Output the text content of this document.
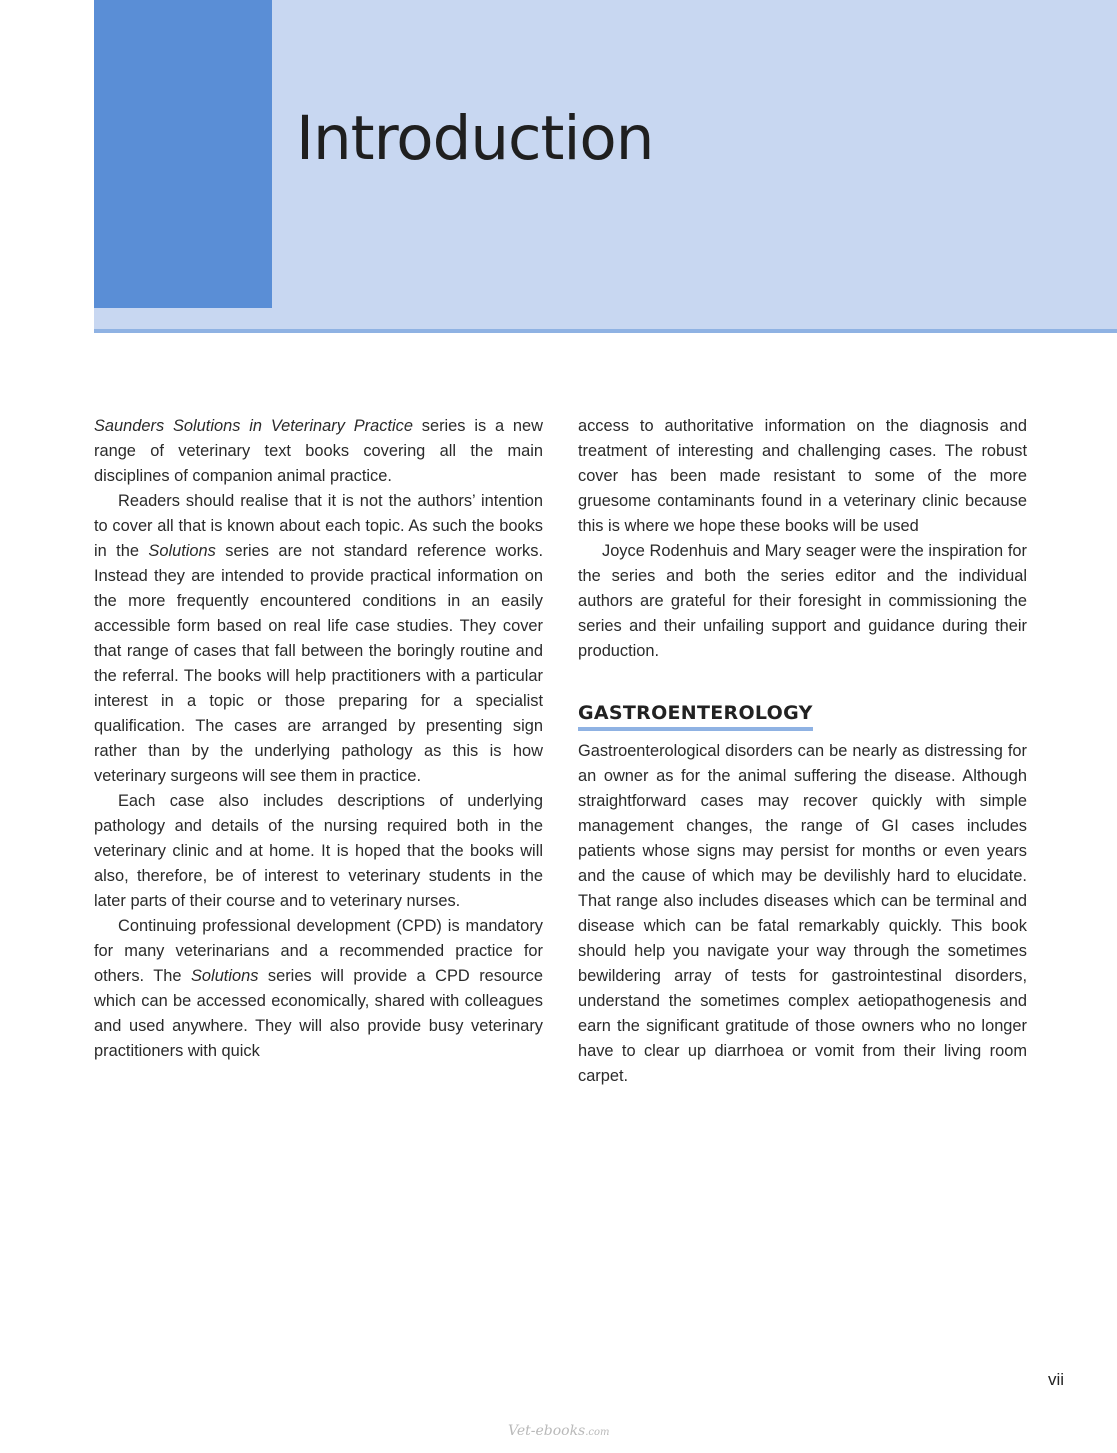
Introduction

Saunders Solutions in Veterinary Practice series is a new range of veterinary text books covering all the main disciplines of companion animal practice.

Readers should realise that it is not the authors’ intention to cover all that is known about each topic. As such the books in the Solutions series are not standard reference works. Instead they are intended to provide practical information on the more frequently encountered conditions in an easily accessible form based on real life case studies. They cover that range of cases that fall between the boringly routine and the referral. The books will help practitioners with a particular interest in a topic or those preparing for a specialist qualification. The cases are arranged by presenting sign rather than by the underlying pathology as this is how veterinary surgeons will see them in practice.

Each case also includes descriptions of underlying pathology and details of the nursing required both in the veterinary clinic and at home. It is hoped that the books will also, therefore, be of interest to veterinary students in the later parts of their course and to veterinary nurses.

Continuing professional development (CPD) is mandatory for many veterinarians and a recommended practice for others. The Solutions series will provide a CPD resource which can be accessed economically, shared with colleagues and used anywhere. They will also provide busy veterinary practitioners with quick

access to authoritative information on the diagnosis and treatment of interesting and challenging cases. The robust cover has been made resistant to some of the more gruesome contaminants found in a veterinary clinic because this is where we hope these books will be used

Joyce Rodenhuis and Mary seager were the inspiration for the series and both the series editor and the individual authors are grateful for their foresight in commissioning the series and their unfailing support and guidance during their production.

GASTROENTEROLOGY

Gastroenterological disorders can be nearly as distressing for an owner as for the animal suffering the disease. Although straightforward cases may recover quickly with simple management changes, the range of GI cases includes patients whose signs may persist for months or even years and the cause of which may be devilishly hard to elucidate. That range also includes diseases which can be terminal and disease which can be fatal remarkably quickly. This book should help you navigate your way through the sometimes bewildering array of tests for gastrointestinal disorders, understand the sometimes complex aetiopathogenesis and earn the significant gratitude of those owners who no longer have to clear up diarrhoea or vomit from their living room carpet.

vii
Vet-ebooks.com
